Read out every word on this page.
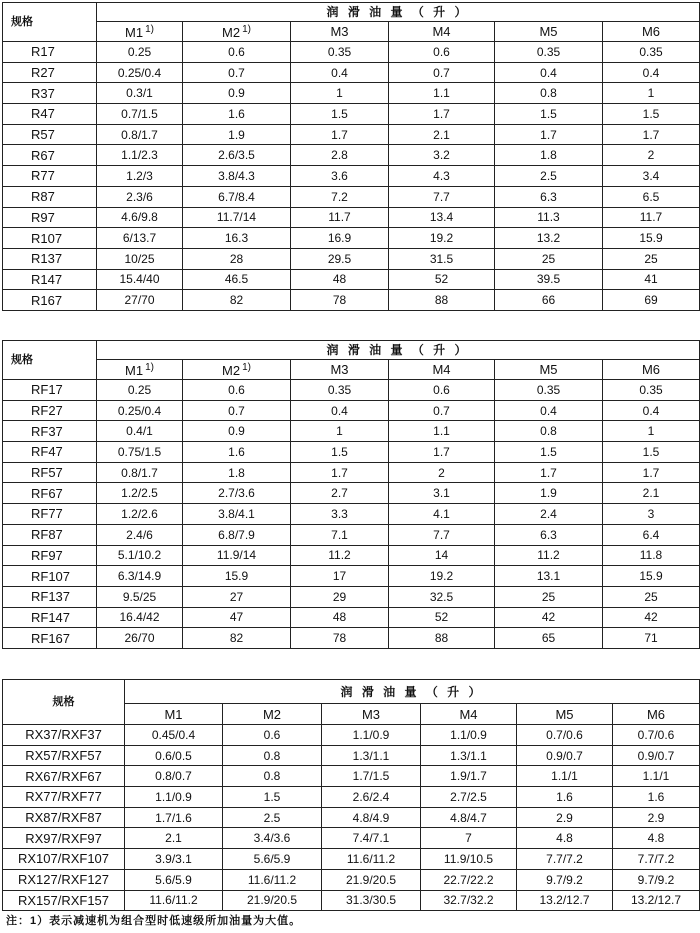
规格	润 滑 油 量 （ 升 ）					
	M1 $^{1)}$	M2 $^{1)}$	M3	M4	M5	M6
R17	0.25	0.6	0.35	0.6	0.35	0.35
R27	0.25/0.4	0.7	0.4	0.7	0.4	0.4
R37	0.3/1	0.9	1	1.1	0.8	1
R47	0.7/1.5	1.6	1.5	1.7	1.5	1.5
R57	0.8/1.7	1.9	1.7	2.1	1.7	1.7
R67	1.1/2.3	2.6/3.5	2.8	3.2	1.8	2
R77	1.2/3	3.8/4.3	3.6	4.3	2.5	3.4
R87	2.3/6	6.7/8.4	7.2	7.7	6.3	6.5
R97	4.6/9.8	11.7/14	11.7	13.4	11.3	11.7
R107	6/13.7	16.3	16.9	19.2	13.2	15.9
R137	10/25	28	29.5	31.5	25	25
R147	15.4/40	46.5	48	52	39.5	41
R167	27/70	82	78	88	66	69
规格	润 滑 油 量 （ 升 ）					
	M1 $^{1)}$	M2 $^{1)}$	M3	M4	M5	M6
RF17	0.25	0.6	0.35	0.6	0.35	0.35
RF27	0.25/0.4	0.7	0.4	0.7	0.4	0.4
RF37	0.4/1	0.9	1	1.1	0.8	1
RF47	0.75/1.5	1.6	1.5	1.7	1.5	1.5
RF57	0.8/1.7	1.8	1.7	2	1.7	1.7
RF67	1.2/2.5	2.7/3.6	2.7	3.1	1.9	2.1
RF77	1.2/2.6	3.8/4.1	3.3	4.1	2.4	3
RF87	2.4/6	6.8/7.9	7.1	7.7	6.3	6.4
RF97	5.1/10.2	11.9/14	11.2	14	11.2	11.8
RF107	6.3/14.9	15.9	17	19.2	13.1	15.9
RF137	9.5/25	27	29	32.5	25	25
RF147	16.4/42	47	48	52	42	42
RF167	26/70	82	78	88	65	71
规格	润 滑 油 量 （ 升 ）					
	M1	M2	M3	M4	M5	M6
RX37/RXF37	0.45/0.4	0.6	1.1/0.9	1.1/0.9	0.7/0.6	0.7/0.6
RX57/RXF57	0.6/0.5	0.8	1.3/1.1	1.3/1.1	0.9/0.7	0.9/0.7
RX67/RXF67	0.8/0.7	0.8	1.7/1.5	1.9/1.7	1.1/1	1.1/1
RX77/RXF77	1.1/0.9	1.5	2.6/2.4	2.7/2.5	1.6	1.6
RX87/RXF87	1.7/1.6	2.5	4.8/4.9	4.8/4.7	2.9	2.9
RX97/RXF97	2.1	3.4/3.6	7.4/7.1	7	4.8	4.8
RX107/RXF107	3.9/3.1	5.6/5.9	11.6/11.2	11.9/10.5	7.7/7.2	7.7/7.2
RX127/RXF127	5.6/5.9	11.6/11.2	21.9/20.5	22.7/22.2	9.7/9.2	9.7/9.2
RX157/RXF157	11.6/11.2	21.9/20.5	31.3/30.5	32.7/32.2	13.2/12.7	13.2/12.7
注：1）表示减速机为组合型时低速级所加油量为大值。
